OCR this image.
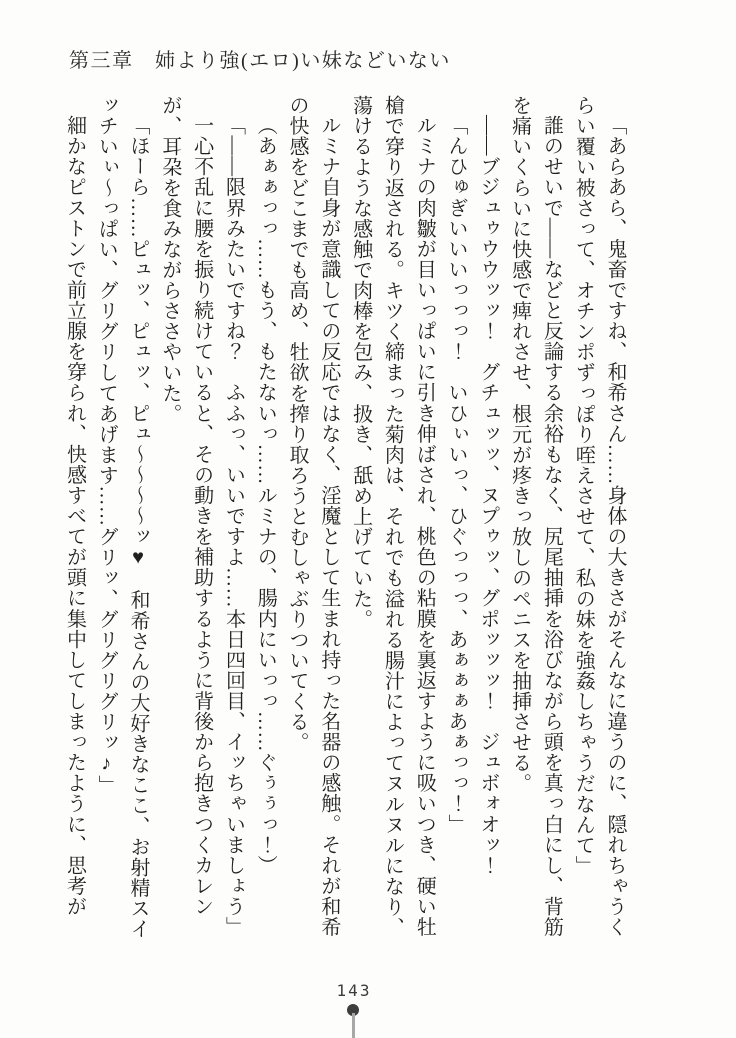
第三章　姉より強(エロ)い妹などいない

「あらあら、鬼畜ですね、和希さん……身体の大きさがそんなに違うのに、隠れちゃうくらい覆い被さって、オチンポずっぽり咥えさせて、私の妹を強姦しちゃうだなんて」

誰のせいで――などと反論する余裕もなく、尻尾抽挿を浴びながら頭を真っ白にし、背筋を痛いくらいに快感で痺れさせ、根元が疼きっ放しのペニスを抽挿させる。

――ブジュゥウウッッ！　グチュッッ、ヌプゥッ、グポッッッ！　ジュボォオッ！

「んひゅぎいいいっっっ！　いひぃいっ、ひぐっっっ、あぁぁぁあぁっっ！」

ルミナの肉皺が目いっぱいに引き伸ばされ、桃色の粘膜を裏返すように吸いつき、硬い牡槍で穿り返される。キツく締まった菊肉は、それでも溢れる腸汁によってヌルヌルになり、蕩けるような感触で肉棒を包み、扱き、舐め上げていた。

ルミナ自身が意識しての反応ではなく、淫魔として生まれ持った名器の感触。それが和希の快感をどこまでも高め、牡欲を搾り取ろうとむしゃぶりついてくる。

（あぁぁっっ……もう、もたないっ……ルミナの、腸内にいっっ……ぐぅぅっ！）

「――限界みたいですね？　ふふっ、いいですよ……本日四回目、イッちゃいましょう」

一心不乱に腰を振り続けていると、その動きを補助するように背後から抱きつくカレンが、耳朶を食みながらささやいた。

「ほーら……ピュッ、ピュッ、ピュ～～～～ッ♥　和希さんの大好きなここ、お射精スイッチいぃ～っぱい、グリグリしてあげます……グリッ、グリグリグリッ♪」

細かなピストンで前立腺を穿られ、快感すべてが頭に集中してしまったように、思考が

143
